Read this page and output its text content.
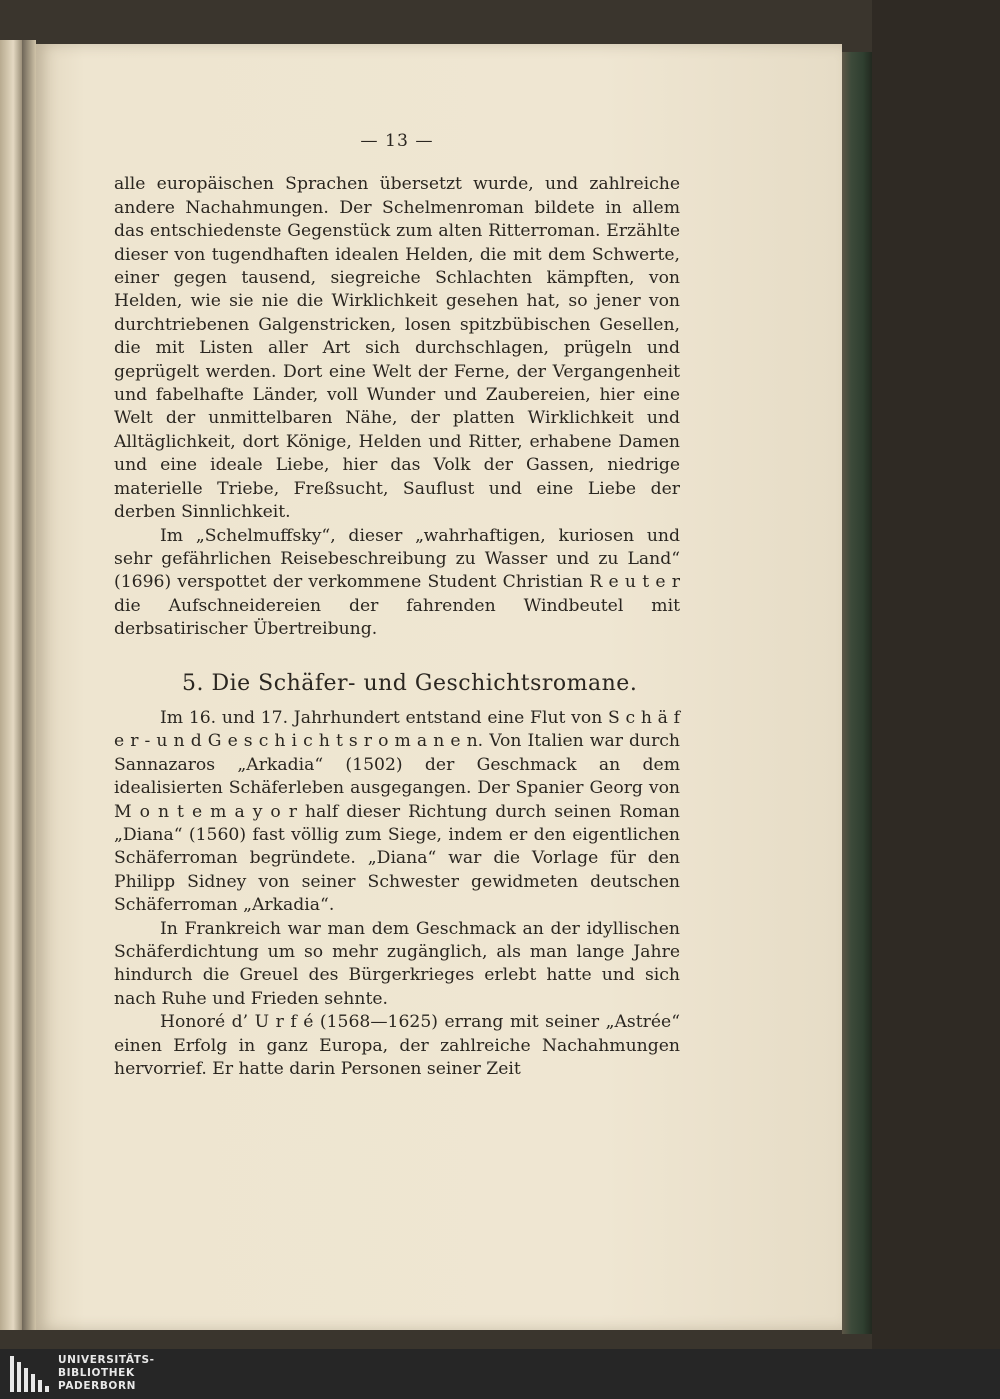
— 13 —

alle europäischen Sprachen übersetzt wurde, und zahlreiche andere Nachahmungen. Der Schelmenroman bildete in allem das entschiedenste Gegenstück zum alten Ritterroman. Erzählte dieser von tugendhaften idealen Helden, die mit dem Schwerte, einer gegen tausend, siegreiche Schlachten kämpften, von Helden, wie sie nie die Wirklichkeit gesehen hat, so jener von durchtriebenen Galgenstricken, losen spitzbübischen Gesellen, die mit Listen aller Art sich durchschlagen, prügeln und geprügelt werden. Dort eine Welt der Ferne, der Vergangenheit und fabelhafte Länder, voll Wunder und Zaubereien, hier eine Welt der unmittelbaren Nähe, der platten Wirklichkeit und Alltäglichkeit, dort Könige, Helden und Ritter, erhabene Damen und eine ideale Liebe, hier das Volk der Gassen, niedrige materielle Triebe, Freßsucht, Sauflust und eine Liebe der derben Sinnlichkeit.

Im „Schelmuffsky“, dieser „wahrhaftigen, kuriosen und sehr gefährlichen Reisebeschreibung zu Wasser und zu Land“ (1696) verspottet der verkommene Student Christian R e u t e r die Aufschneidereien der fahrenden Windbeutel mit derbsatirischer Übertreibung.

5. Die Schäfer- und Geschichtsromane.

Im 16. und 17. Jahrhundert entstand eine Flut von S c h ä f e r - u n d G e s c h i c h t s r o m a n e n. Von Italien war durch Sannazaros „Arkadia“ (1502) der Geschmack an dem idealisierten Schäferleben ausgegangen. Der Spanier Georg von M o n t e m a y o r half dieser Richtung durch seinen Roman „Diana“ (1560) fast völlig zum Siege, indem er den eigentlichen Schäferroman begründete. „Diana“ war die Vorlage für den Philipp Sidney von seiner Schwester gewidmeten deutschen Schäferroman „Arkadia“.

In Frankreich war man dem Geschmack an der idyllischen Schäferdichtung um so mehr zugänglich, als man lange Jahre hindurch die Greuel des Bürgerkrieges erlebt hatte und sich nach Ruhe und Frieden sehnte.

Honoré d’ U r f é (1568—1625) errang mit seiner „Astrée“ einen Erfolg in ganz Europa, der zahlreiche Nachahmungen hervorrief. Er hatte darin Personen seiner Zeit

UNIVERSITÄTS-
BIBLIOTHEK
PADERBORN
